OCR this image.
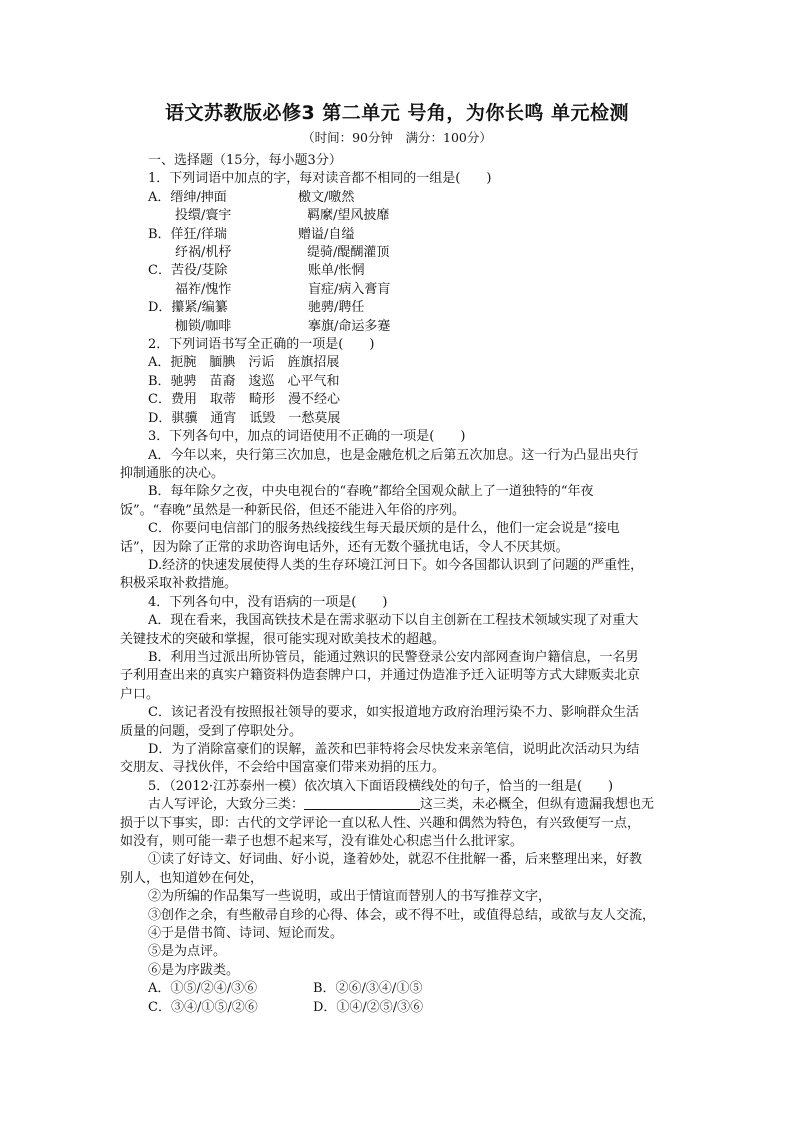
语文苏教版必修3 第二单元 号角，为你长鸣 单元检测
（时间：90分钟　满分：100分）
一、选择题（15分，每小题3分）
1．下列词语中加点的字，每对读音都不相同的一组是(　　)
A．缙绅/抻面	檄文/噭然
投缳/寰宇	羁縻/望风披靡
B．佯狂/徉瑞	赠谥/自缢
纾祸/机杼	缇骑/醍醐灌顶
C．苦役/芟除	账单/怅惘
福祚/愧怍	盲症/病入膏肓
D．攥紧/编纂	驰骋/聘任
枷锁/咖啡	搴旗/命运多蹇
2．下列词语书写全正确的一项是(　　)
A．扼腕　腼腆　污诟　旌旗招展
B．驰骋　苗裔　逡巡　心平气和
C．费用　取蒂　畸形　漫不经心
D．骐骥　通宵　诋毁　一愁莫展
3．下列各句中，加点的词语使用不正确的一项是(　　)
A．今年以来，央行第三次加息，也是金融危机之后第五次加息。这一行为凸显出央行
抑制通胀的决心。
B．每年除夕之夜，中央电视台的“春晚”都给全国观众献上了一道独特的“年夜
饭”。“春晚”虽然是一种新民俗，但还不能进入年俗的序列。
C．你要问电信部门的服务热线接线生每天最厌烦的是什么，他们一定会说是“接电
话”，因为除了正常的求助咨询电话外，还有无数个骚扰电话，令人不厌其烦。
D.经济的快速发展使得人类的生存环境江河日下。如今各国都认识到了问题的严重性，
积极采取补救措施。
4．下列各句中，没有语病的一项是(　　)
A．现在看来，我国高铁技术是在需求驱动下以自主创新在工程技术领域实现了对重大
关键技术的突破和掌握，很可能实现对欧美技术的超越。
B．利用当过派出所协管员，能通过熟识的民警登录公安内部网查询户籍信息，一名男
子利用查出来的真实户籍资料伪造套牌户口，并通过伪造准予迁入证明等方式大肆贩卖北京
户口。
C．该记者没有按照报社领导的要求，如实报道地方政府治理污染不力、影响群众生活
质量的问题，受到了停职处分。
D．为了消除富豪们的误解，盖茨和巴菲特将会尽快发来亲笔信，说明此次活动只为结
交朋友、寻找伙伴，不会给中国富豪们带来劝捐的压力。
5．（2012·江苏泰州一模）依次填入下面语段横线处的句子，恰当的一组是(　　)
古人写评论，大致分三类：	这三类，未必概全，但纵有遗漏我想也无
损于以下事实，即：古代的文学评论一直以私人性、兴趣和偶然为特色，有兴致便写一点，
如没有，则可能一辈子也想不起来写，没有谁处心积虑当什么批评家。
①读了好诗文、好词曲、好小说，逢着妙处，就忍不住批解一番，后来整理出来，好教
别人，也知道妙在何处，
②为所编的作品集写一些说明，或出于情谊而替别人的书写推荐文字，
③创作之余，有些敝帚自珍的心得、体会，或不得不吐，或值得总结，或欲与友人交流，
④于是借书简、诗词、短论而发。
⑤是为点评。
⑥是为序跋类。
A．①⑤/②④/③⑥	B．②⑥/③④/①⑤
C．③④/①⑤/②⑥	D．①④/②⑤/③⑥
